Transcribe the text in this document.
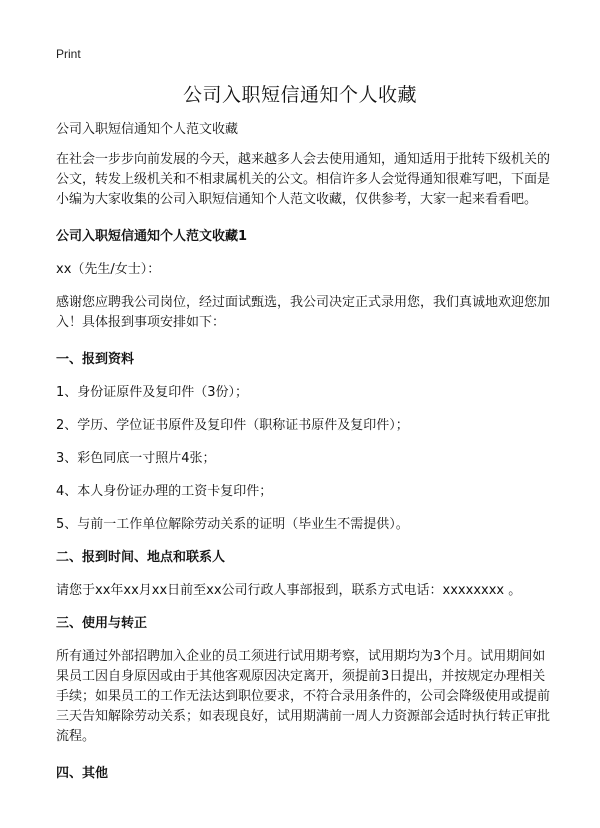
Print
公司入职短信通知个人收藏

公司入职短信通知个人范文收藏

在社会一步步向前发展的今天，越来越多人会去使用通知，通知适用于批转下级机关的公文，转发上级机关和不相隶属机关的公文。相信许多人会觉得通知很难写吧，下面是小编为大家收集的公司入职短信通知个人范文收藏，仅供参考，大家一起来看看吧。

公司入职短信通知个人范文收藏1

xx（先生/女士）：

感谢您应聘我公司岗位，经过面试甄选，我公司决定正式录用您，我们真诚地欢迎您加入！具体报到事项安排如下：

一、报到资料

1、身份证原件及复印件（3份）；

2、学历、学位证书原件及复印件（职称证书原件及复印件）；

3、彩色同底一寸照片4张；

4、本人身份证办理的工资卡复印件；

5、与前一工作单位解除劳动关系的证明（毕业生不需提供）。

二、报到时间、地点和联系人

请您于xx年xx月xx日前至xx公司行政人事部报到，联系方式电话：xxxxxxxx 。

三、使用与转正

所有通过外部招聘加入企业的员工须进行试用期考察，试用期均为3个月。试用期间如果员工因自身原因或由于其他客观原因决定离开，须提前3日提出，并按规定办理相关手续；如果员工的工作无法达到职位要求，不符合录用条件的，公司会降级使用或提前三天告知解除劳动关系；如表现良好，试用期满前一周人力资源部会适时执行转正审批流程。

四、其他
